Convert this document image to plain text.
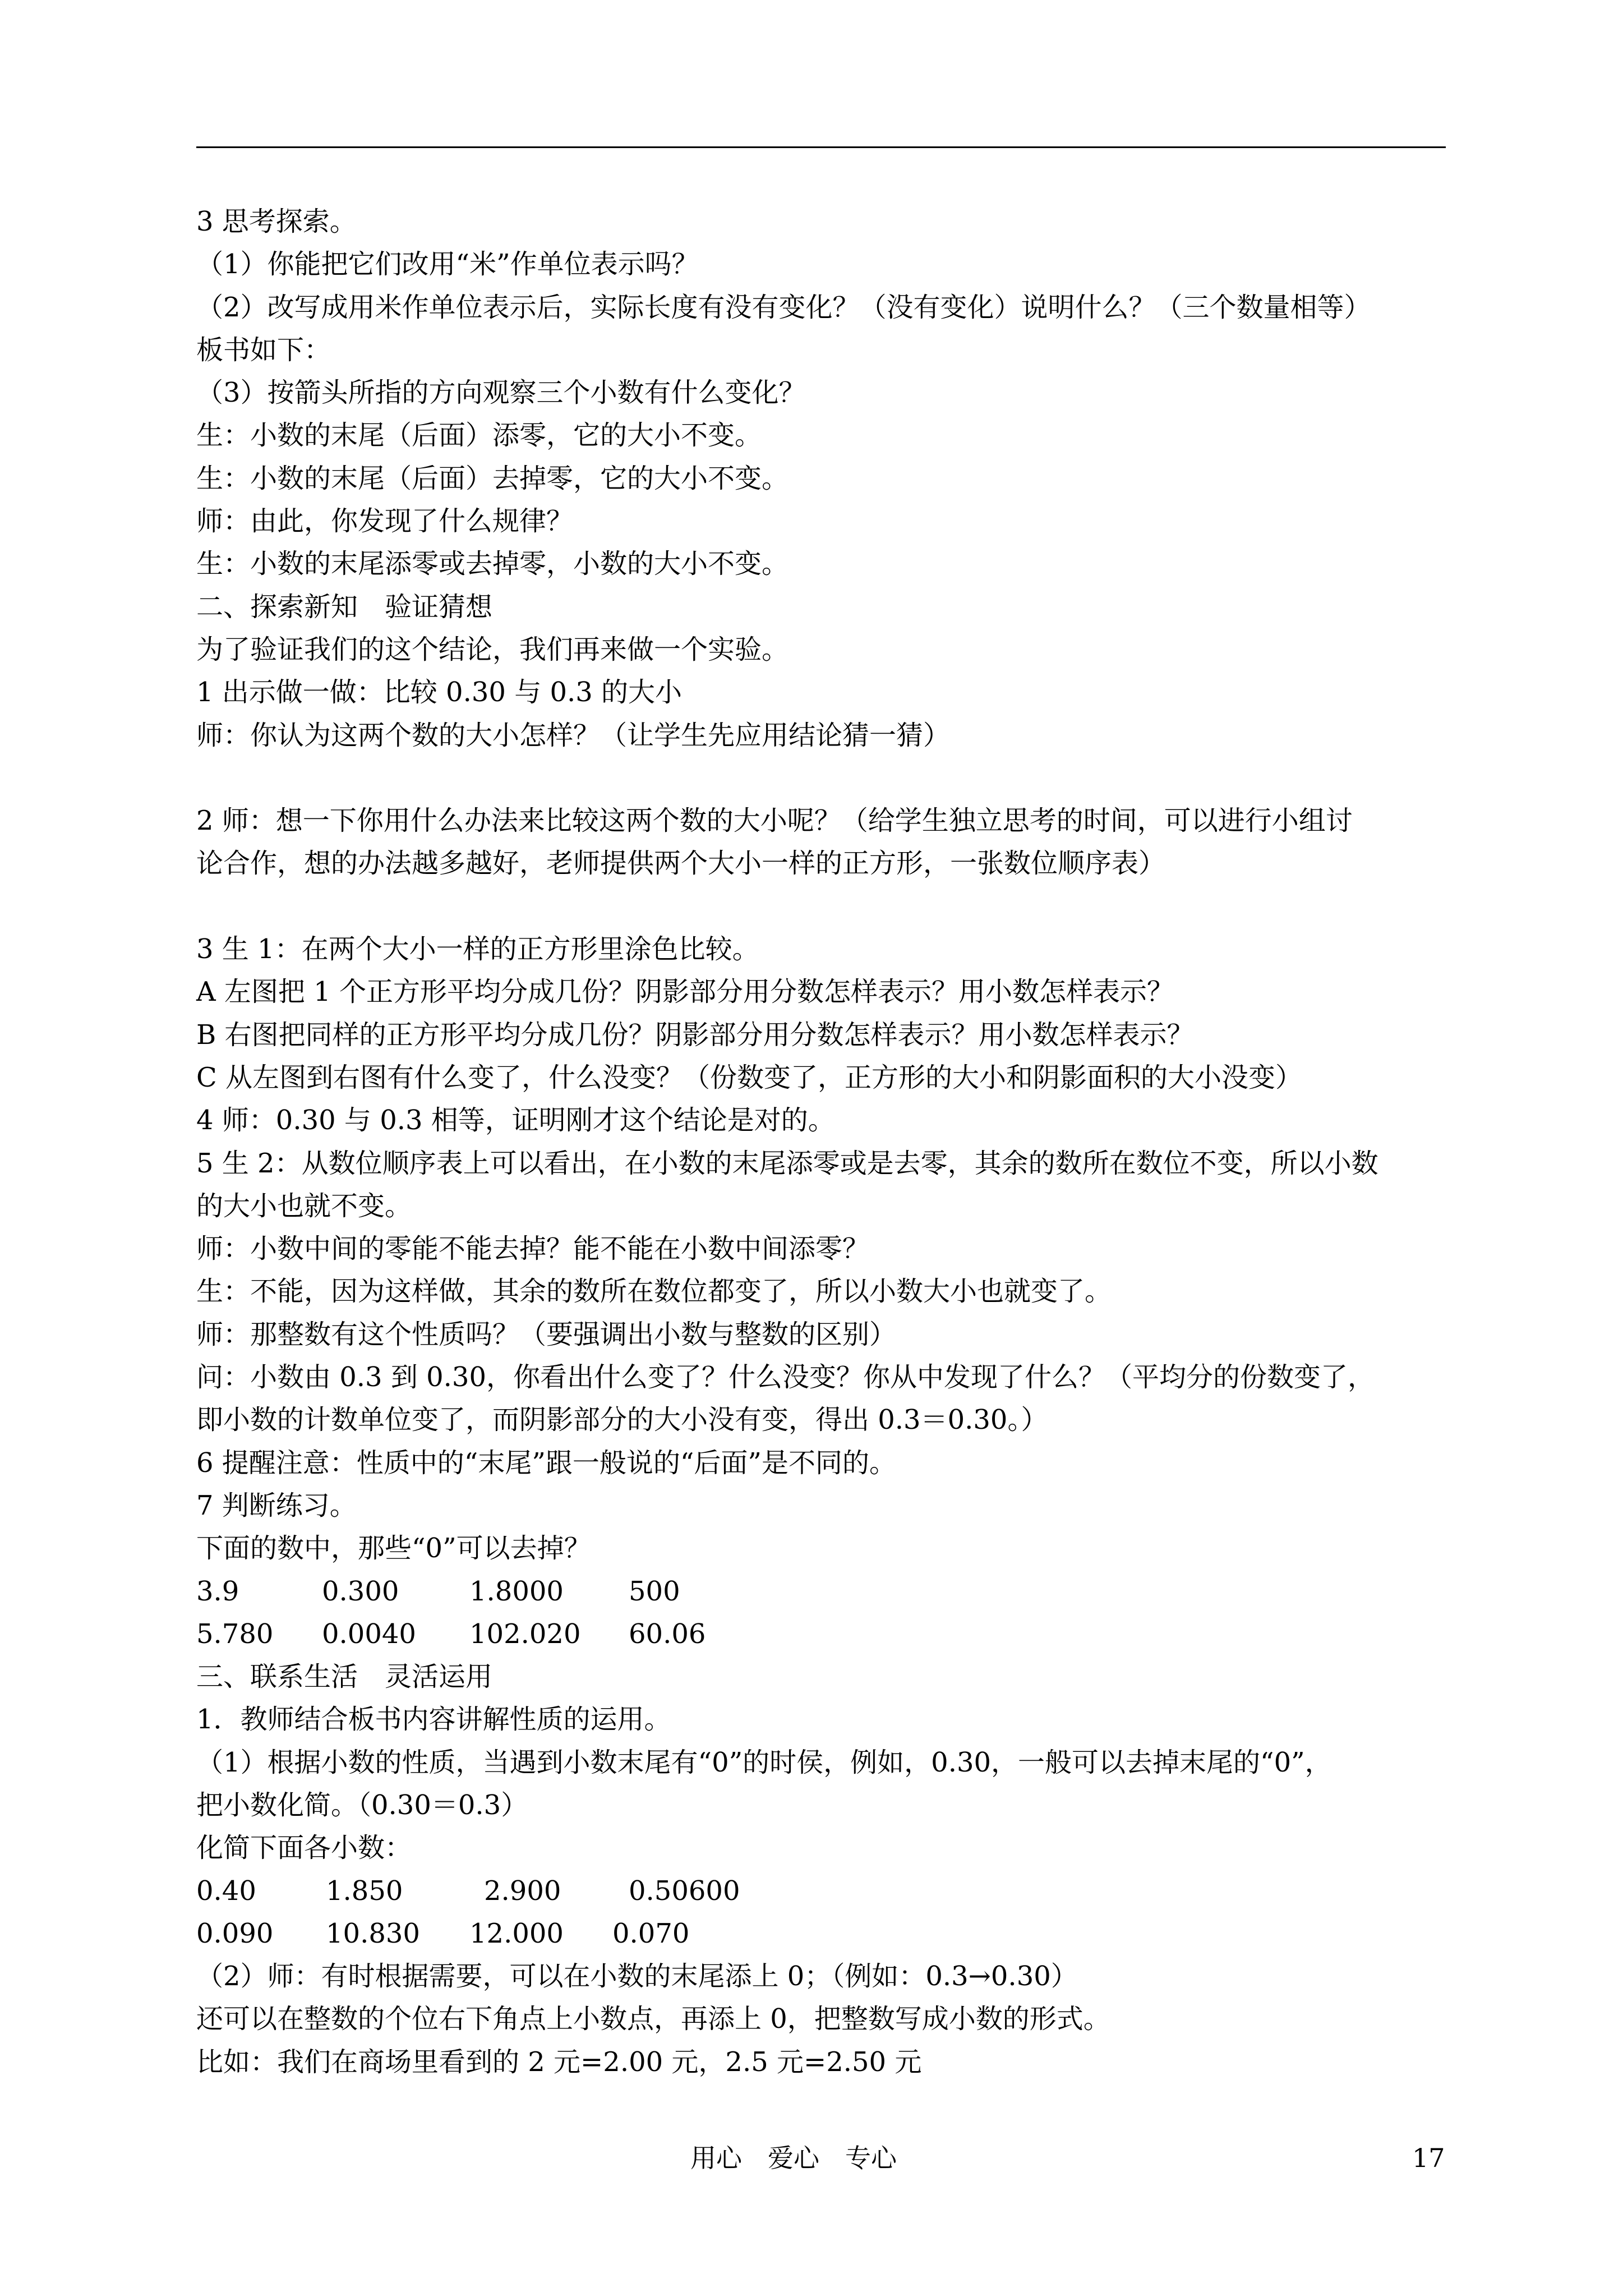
3 思考探索。
（1）你能把它们改用“米”作单位表示吗？
（2）改写成用米作单位表示后，实际长度有没有变化？（没有变化）说明什么？（三个数量相等）
板书如下：
（3）按箭头所指的方向观察三个小数有什么变化？
生：小数的末尾（后面）添零，它的大小不变。
生：小数的末尾（后面）去掉零，它的大小不变。
师：由此，你发现了什么规律？
生：小数的末尾添零或去掉零，小数的大小不变。
二、探索新知　验证猜想
为了验证我们的这个结论，我们再来做一个实验。
1 出示做一做：比较 0.30 与 0.3 的大小
师：你认为这两个数的大小怎样？（让学生先应用结论猜一猜）
2 师：想一下你用什么办法来比较这两个数的大小呢？（给学生独立思考的时间，可以进行小组讨
论合作，想的办法越多越好，老师提供两个大小一样的正方形，一张数位顺序表）
3 生 1：在两个大小一样的正方形里涂色比较。
A 左图把 1 个正方形平均分成几份？阴影部分用分数怎样表示？用小数怎样表示？
B 右图把同样的正方形平均分成几份？阴影部分用分数怎样表示？用小数怎样表示？
C 从左图到右图有什么变了，什么没变？（份数变了，正方形的大小和阴影面积的大小没变）
4 师：0.30 与 0.3 相等，证明刚才这个结论是对的。
5 生 2：从数位顺序表上可以看出，在小数的末尾添零或是去零，其余的数所在数位不变，所以小数
的大小也就不变。
师：小数中间的零能不能去掉？能不能在小数中间添零？
生：不能，因为这样做，其余的数所在数位都变了，所以小数大小也就变了。
师：那整数有这个性质吗？（要强调出小数与整数的区别）
问：小数由 0.3 到 0.30，你看出什么变了？什么没变？你从中发现了什么？（平均分的份数变了，
即小数的计数单位变了，而阴影部分的大小没有变，得出 0.3＝0.30。）
6 提醒注意：性质中的“末尾”跟一般说的“后面”是不同的。
7 判断练习。
下面的数中，那些“0”可以去掉？
3.9	0.300	1.8000 500
5.780 0.0040 102.020 60.06
三、联系生活　灵活运用
1．教师结合板书内容讲解性质的运用。
（1）根据小数的性质，当遇到小数末尾有“0”的时侯，例如，0.30，一般可以去掉末尾的“0”，
把小数化简。（0.30＝0.3）
化简下面各小数：
0.40	1.850	2.900	0.50600
0.090 10.830 12.000 0.070
（2）师：有时根据需要，可以在小数的末尾添上 0；（例如：0.3→0.30）
还可以在整数的个位右下角点上小数点，再添上 0，把整数写成小数的形式。
比如：我们在商场里看到的 2 元=2.00 元，2.5 元=2.50 元
用心　爱心　专心	17
